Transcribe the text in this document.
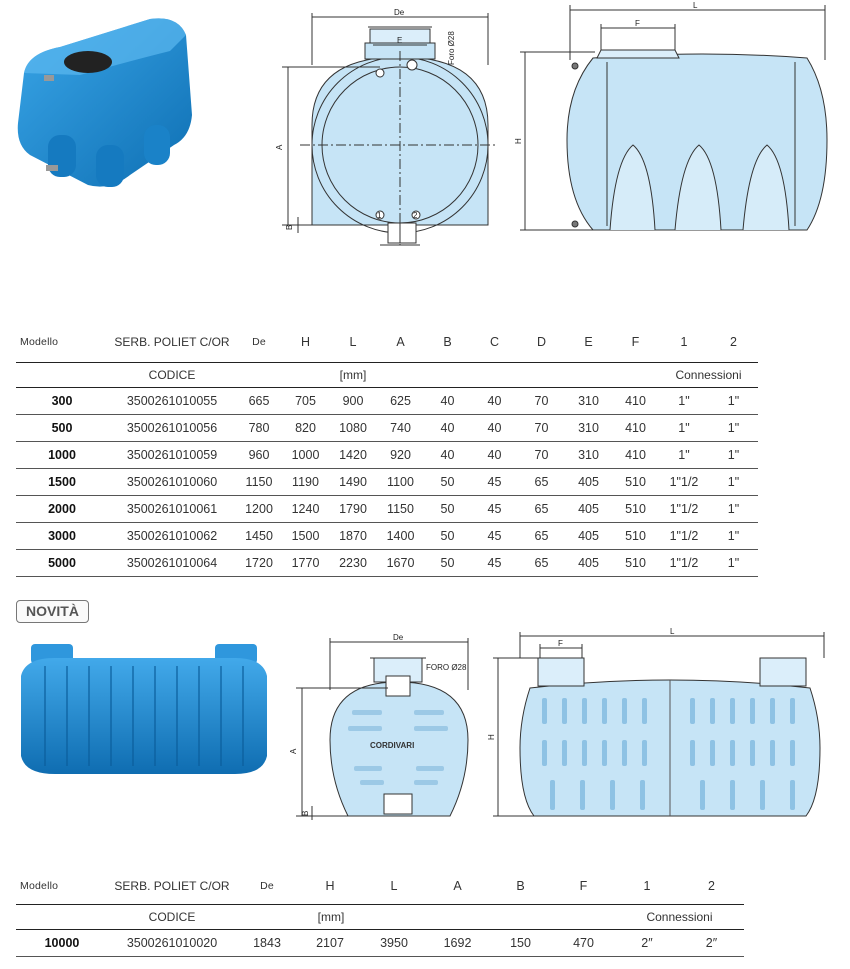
De
E	Foro Ø28
A
B
1	2
L
F
H
Modello	SERB. POLIET C/OR	De	H	L	A	B	C	D	E	F	1	2
	CODICE			[mm]							Connessioni	
300	3500261010055	665	705	900	625	40	40	70	310	410	1"	1"
500	3500261010056	780	820	1080	740	40	40	70	310	410	1"	1"
1000	3500261010059	960	1000	1420	920	40	40	70	310	410	1"	1"
1500	3500261010060	1150	1190	1490	1100	50	45	65	405	510	1"1/2	1"
2000	3500261010061	1200	1240	1790	1150	50	45	65	405	510	1"1/2	1"
3000	3500261010062	1450	1500	1870	1400	50	45	65	405	510	1"1/2	1"
5000	3500261010064	1720	1770	2230	1670	50	45	65	405	510	1"1/2	1"
NOVITÀ
De
FORO Ø28
A
B
CORDIVARI
L
F
H
Modello	SERB. POLIET C/OR	De	H	L	A	B	F	1	2
	CODICE	[mm]						Connessioni	
10000	3500261010020	1843	2107	3950	1692	150	470	2″	2″
